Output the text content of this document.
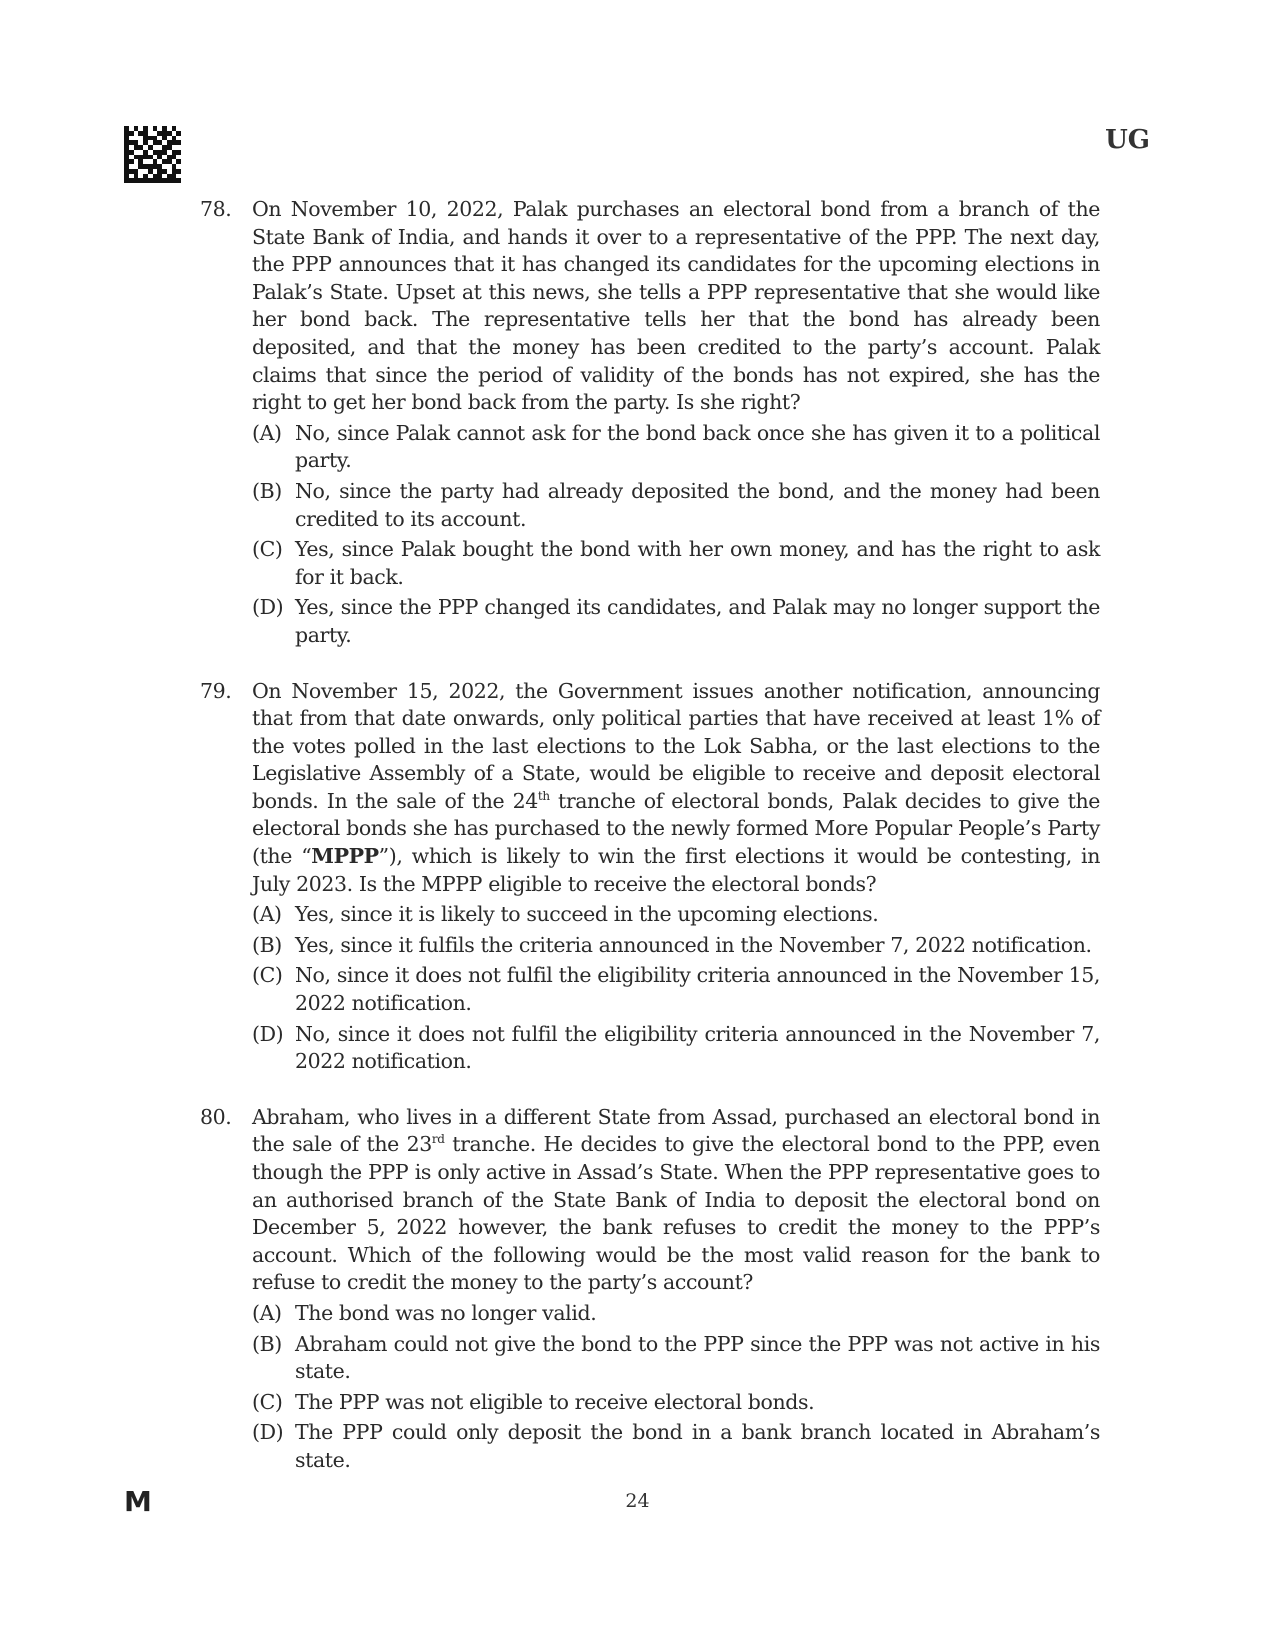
UG
78. On November 10, 2022, Palak purchases an electoral bond from a branch of the State Bank of India, and hands it over to a representative of the PPP. The next day, the PPP announces that it has changed its candidates for the upcoming elections in Palak’s State. Upset at this news, she tells a PPP representative that she would like her bond back. The representative tells her that the bond has already been deposited, and that the money has been credited to the party’s account. Palak claims that since the period of validity of the bonds has not expired, she has the right to get her bond back from the party. Is she right?
(A) No, since Palak cannot ask for the bond back once she has given it to a political party.
(B) No, since the party had already deposited the bond, and the money had been credited to its account.
(C) Yes, since Palak bought the bond with her own money, and has the right to ask for it back.
(D) Yes, since the PPP changed its candidates, and Palak may no longer support the party.
79. On November 15, 2022, the Government issues another notification, announcing that from that date onwards, only political parties that have received at least 1% of the votes polled in the last elections to the Lok Sabha, or the last elections to the Legislative Assembly of a State, would be eligible to receive and deposit electoral bonds. In the sale of the 24th tranche of electoral bonds, Palak decides to give the electoral bonds she has purchased to the newly formed More Popular People’s Party (the “MPPP”), which is likely to win the first elections it would be contesting, in July 2023. Is the MPPP eligible to receive the electoral bonds?
(A) Yes, since it is likely to succeed in the upcoming elections.
(B) Yes, since it fulfils the criteria announced in the November 7, 2022 notification.
(C) No, since it does not fulfil the eligibility criteria announced in the November 15, 2022 notification.
(D) No, since it does not fulfil the eligibility criteria announced in the November 7, 2022 notification.
80. Abraham, who lives in a different State from Assad, purchased an electoral bond in the sale of the 23rd tranche. He decides to give the electoral bond to the PPP, even though the PPP is only active in Assad’s State. When the PPP representative goes to an authorised branch of the State Bank of India to deposit the electoral bond on December 5, 2022 however, the bank refuses to credit the money to the PPP’s account. Which of the following would be the most valid reason for the bank to refuse to credit the money to the party’s account?
(A) The bond was no longer valid.
(B) Abraham could not give the bond to the PPP since the PPP was not active in his state.
(C) The PPP was not eligible to receive electoral bonds.
(D) The PPP could only deposit the bond in a bank branch located in Abraham’s state.
M	24
